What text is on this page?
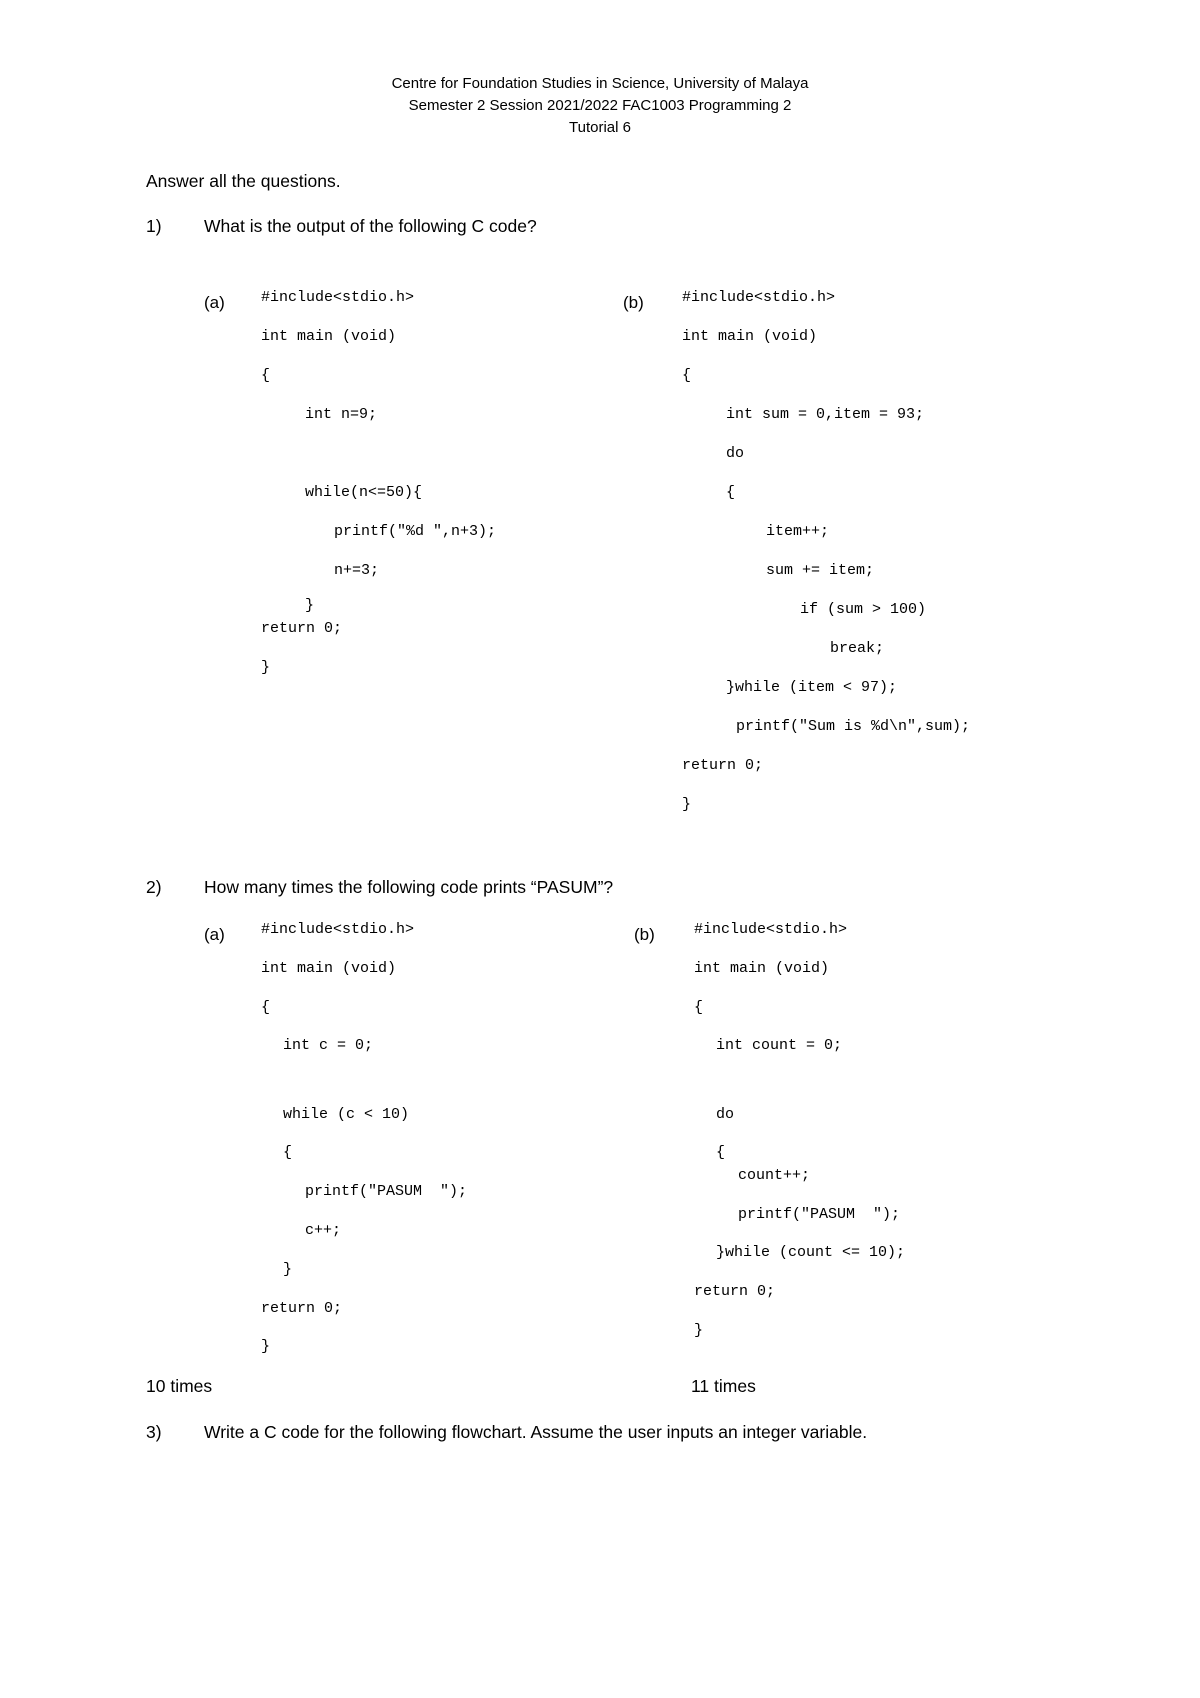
Centre for Foundation Studies in Science, University of Malaya
Semester 2 Session 2021/2022 FAC1003 Programming 2
Tutorial 6
Answer all the questions.
1) What is the output of the following C code?
(a) #include<stdio.h>
int main (void)
{
int n=9;
while(n<=50){
printf("%d ",n+3);
n+=3;
}
return 0;
}
(b)	#include<stdio.h>
int main (void)
{
int sum = 0,item = 93;
do
{
item++;
sum += item;
if (sum > 100)
break;
}while (item < 97);
printf("Sum is %d\n",sum);
return 0;
}
2) How many times the following code prints “PASUM”?
(a) #include<stdio.h>
int main (void)
{
int c = 0;
while (c < 10)
{
printf("PASUM  ");
c++;
}
return 0;
}
(b)	#include<stdio.h>
int main (void)
{
int count = 0;
do
{
count++;
printf("PASUM  ");
}while (count <= 10);
return 0;
}
10 times	11 times
3) Write a C code for the following flowchart. Assume the user inputs an integer variable.
